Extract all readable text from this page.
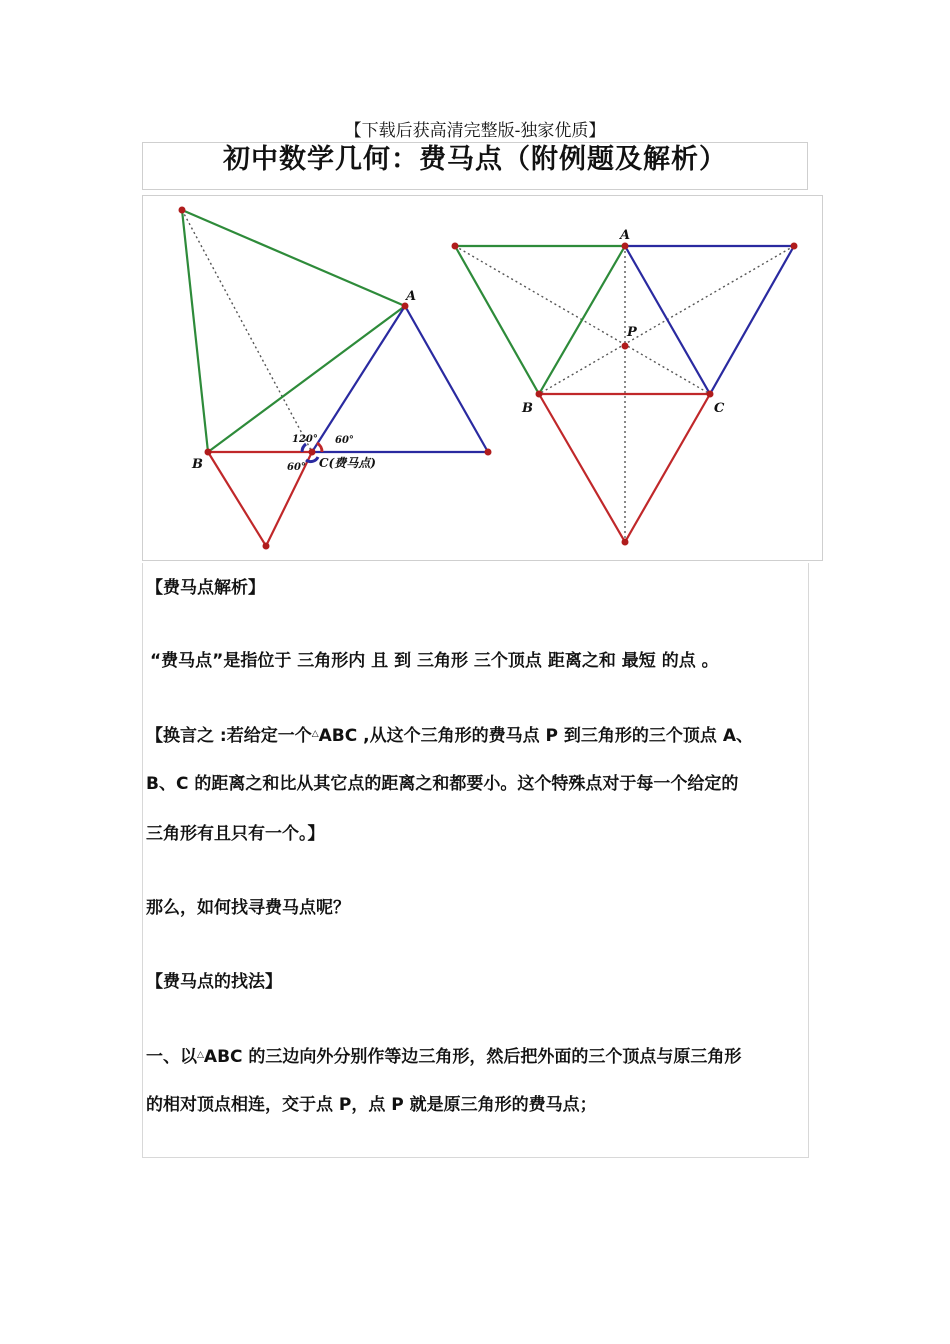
【下载后获高清完整版-独家优质】
初中数学几何：费马点（附例题及解析）
A
B	C(费马点)
120° 60°
60°
A
P
B	C
【费马点解析】
“费马点”是指位于 三角形内 且 到 三角形 三个顶点 距离之和 最短 的点 。
【换言之 :若给定一个△ABC ,从这个三角形的费马点 P 到三角形的三个顶点 A、
B、C 的距离之和比从其它点的距离之和都要小。这个特殊点对于每一个给定的
三角形有且只有一个。】
那么，如何找寻费马点呢？
【费马点的找法】
一、以△ABC 的三边向外分别作等边三角形，然后把外面的三个顶点与原三角形
的相对顶点相连，交于点 P，点 P 就是原三角形的费马点；
